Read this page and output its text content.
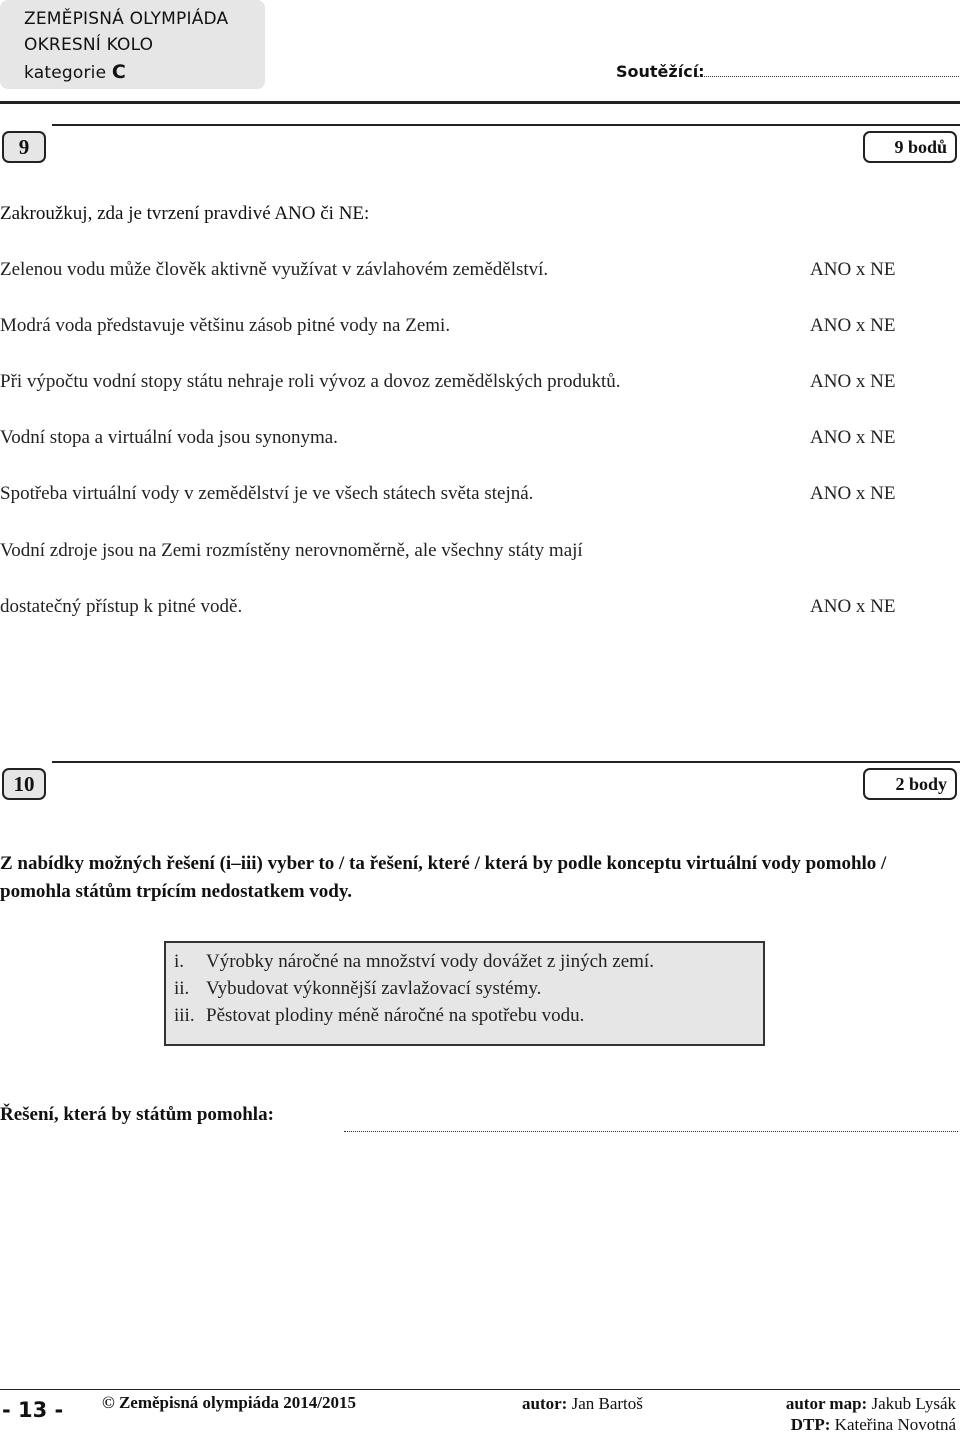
ZEMĚPISNÁ OLYMPIÁDA
OKRESNÍ KOLO
kategorie C	Soutěžící:
9	9 bodů
Zakroužkuj, zda je tvrzení pravdivé ANO či NE:
Zelenou vodu může člověk aktivně využívat v závlahovém zemědělství.	ANO x NE
Modrá voda představuje většinu zásob pitné vody na Zemi.	ANO x NE
Při výpočtu vodní stopy státu nehraje roli vývoz a dovoz zemědělských produktů.	ANO x NE
Vodní stopa a virtuální voda jsou synonyma.	ANO x NE
Spotřeba virtuální vody v zemědělství je ve všech státech světa stejná.	ANO x NE
Vodní zdroje jsou na Zemi rozmístěny nerovnoměrně, ale všechny státy mají
dostatečný přístup k pitné vodě.	ANO x NE
10	2 body
Z nabídky možných řešení (i–iii) vyber to / ta řešení, které / která by podle konceptu virtuální vody pomohlo / pomohla státům trpícím nedostatkem vody.
i. Výrobky náročné na množství vody dovážet z jiných zemí.
ii. Vybudovat výkonnější zavlažovací systémy.
iii. Pěstovat plodiny méně náročné na spotřebu vodu.
Řešení, která by státům pomohla:
- 13 - © Zeměpisná olympiáda 2014/2015	autor: Jan Bartoš	autor map: Jakub Lysák
DTP: Kateřina Novotná
